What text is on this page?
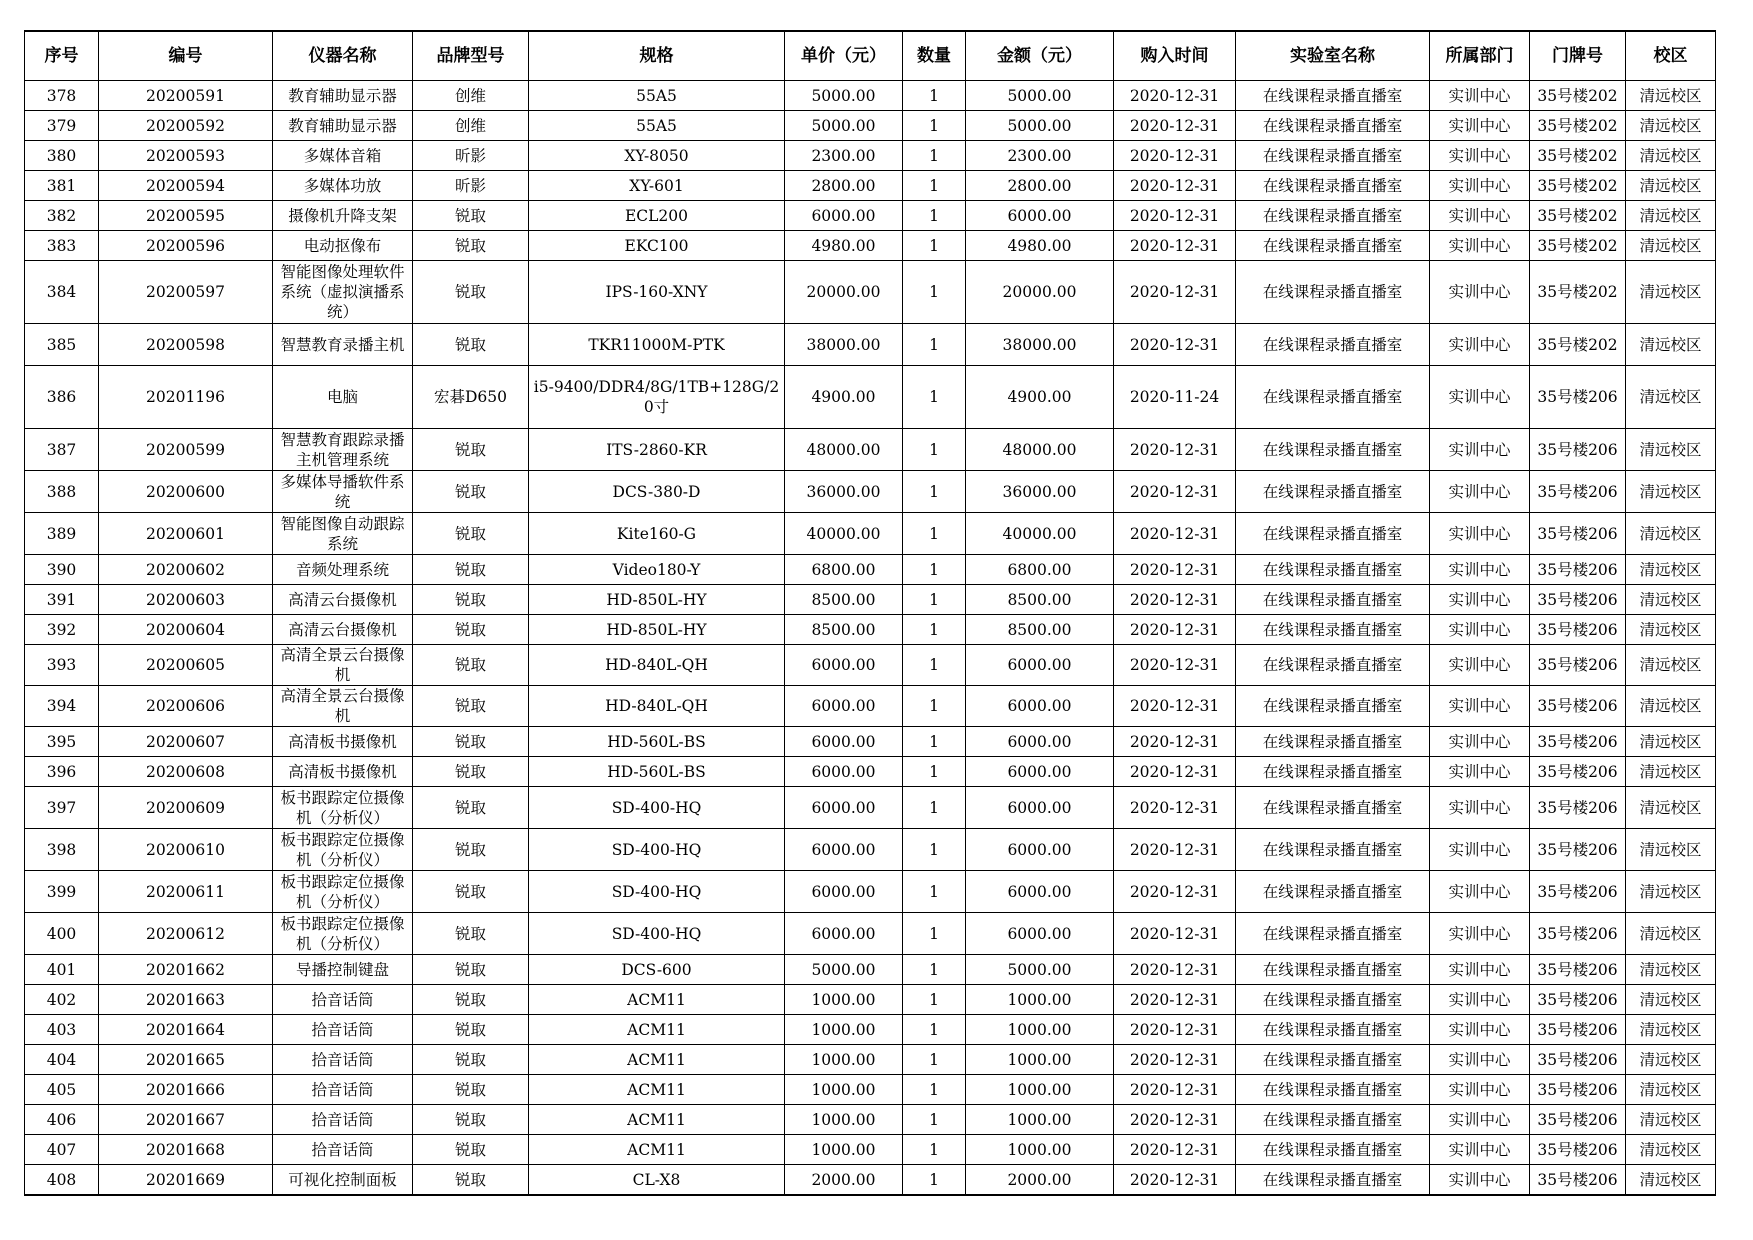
序号	编号	仪器名称	品牌型号	规格	单价（元）	数量	金额（元）	购入时间	实验室名称	所属部门	门牌号	校区

378	20200591	教育辅助显示器	创维	55A5	5000.00	1	5000.00	2020-12-31	在线课程录播直播室	实训中心	35号楼202	清远校区

379	20200592	教育辅助显示器	创维	55A5	5000.00	1	5000.00	2020-12-31	在线课程录播直播室	实训中心	35号楼202	清远校区

380	20200593	多媒体音箱	昕影	XY-8050	2300.00	1	2300.00	2020-12-31	在线课程录播直播室	实训中心	35号楼202	清远校区

381	20200594	多媒体功放	昕影	XY-601	2800.00	1	2800.00	2020-12-31	在线课程录播直播室	实训中心	35号楼202	清远校区

382	20200595	摄像机升降支架	锐取	ECL200	6000.00	1	6000.00	2020-12-31	在线课程录播直播室	实训中心	35号楼202	清远校区

383	20200596	电动抠像布	锐取	EKC100	4980.00	1	4980.00	2020-12-31	在线课程录播直播室	实训中心	35号楼202	清远校区

384	20200597	智能图像处理软件系统（虚拟演播系统）	锐取	IPS-160-XNY	20000.00	1	20000.00	2020-12-31	在线课程录播直播室	实训中心	35号楼202	清远校区

385	20200598	智慧教育录播主机	锐取	TKR11000M-PTK	38000.00	1	38000.00	2020-12-31	在线课程录播直播室	实训中心	35号楼202	清远校区

386	20201196	电脑	宏碁D650	i5-9400/DDR4/8G/1TB+128G/20寸	4900.00	1	4900.00	2020-11-24	在线课程录播直播室	实训中心	35号楼206	清远校区

387	20200599	智慧教育跟踪录播主机管理系统	锐取	ITS-2860-KR	48000.00	1	48000.00	2020-12-31	在线课程录播直播室	实训中心	35号楼206	清远校区

388	20200600	多媒体导播软件系统	锐取	DCS-380-D	36000.00	1	36000.00	2020-12-31	在线课程录播直播室	实训中心	35号楼206	清远校区

389	20200601	智能图像自动跟踪系统	锐取	Kite160-G	40000.00	1	40000.00	2020-12-31	在线课程录播直播室	实训中心	35号楼206	清远校区

390	20200602	音频处理系统	锐取	Video180-Y	6800.00	1	6800.00	2020-12-31	在线课程录播直播室	实训中心	35号楼206	清远校区

391	20200603	高清云台摄像机	锐取	HD-850L-HY	8500.00	1	8500.00	2020-12-31	在线课程录播直播室	实训中心	35号楼206	清远校区

392	20200604	高清云台摄像机	锐取	HD-850L-HY	8500.00	1	8500.00	2020-12-31	在线课程录播直播室	实训中心	35号楼206	清远校区

393	20200605	高清全景云台摄像机	锐取	HD-840L-QH	6000.00	1	6000.00	2020-12-31	在线课程录播直播室	实训中心	35号楼206	清远校区

394	20200606	高清全景云台摄像机	锐取	HD-840L-QH	6000.00	1	6000.00	2020-12-31	在线课程录播直播室	实训中心	35号楼206	清远校区

395	20200607	高清板书摄像机	锐取	HD-560L-BS	6000.00	1	6000.00	2020-12-31	在线课程录播直播室	实训中心	35号楼206	清远校区

396	20200608	高清板书摄像机	锐取	HD-560L-BS	6000.00	1	6000.00	2020-12-31	在线课程录播直播室	实训中心	35号楼206	清远校区

397	20200609	板书跟踪定位摄像机（分析仪）	锐取	SD-400-HQ	6000.00	1	6000.00	2020-12-31	在线课程录播直播室	实训中心	35号楼206	清远校区

398	20200610	板书跟踪定位摄像机（分析仪）	锐取	SD-400-HQ	6000.00	1	6000.00	2020-12-31	在线课程录播直播室	实训中心	35号楼206	清远校区

399	20200611	板书跟踪定位摄像机（分析仪）	锐取	SD-400-HQ	6000.00	1	6000.00	2020-12-31	在线课程录播直播室	实训中心	35号楼206	清远校区

400	20200612	板书跟踪定位摄像机（分析仪）	锐取	SD-400-HQ	6000.00	1	6000.00	2020-12-31	在线课程录播直播室	实训中心	35号楼206	清远校区

401	20201662	导播控制键盘	锐取	DCS-600	5000.00	1	5000.00	2020-12-31	在线课程录播直播室	实训中心	35号楼206	清远校区

402	20201663	拾音话筒	锐取	ACM11	1000.00	1	1000.00	2020-12-31	在线课程录播直播室	实训中心	35号楼206	清远校区

403	20201664	拾音话筒	锐取	ACM11	1000.00	1	1000.00	2020-12-31	在线课程录播直播室	实训中心	35号楼206	清远校区

404	20201665	拾音话筒	锐取	ACM11	1000.00	1	1000.00	2020-12-31	在线课程录播直播室	实训中心	35号楼206	清远校区

405	20201666	拾音话筒	锐取	ACM11	1000.00	1	1000.00	2020-12-31	在线课程录播直播室	实训中心	35号楼206	清远校区

406	20201667	拾音话筒	锐取	ACM11	1000.00	1	1000.00	2020-12-31	在线课程录播直播室	实训中心	35号楼206	清远校区

407	20201668	拾音话筒	锐取	ACM11	1000.00	1	1000.00	2020-12-31	在线课程录播直播室	实训中心	35号楼206	清远校区

408	20201669	可视化控制面板	锐取	CL-X8	2000.00	1	2000.00	2020-12-31	在线课程录播直播室	实训中心	35号楼206	清远校区
